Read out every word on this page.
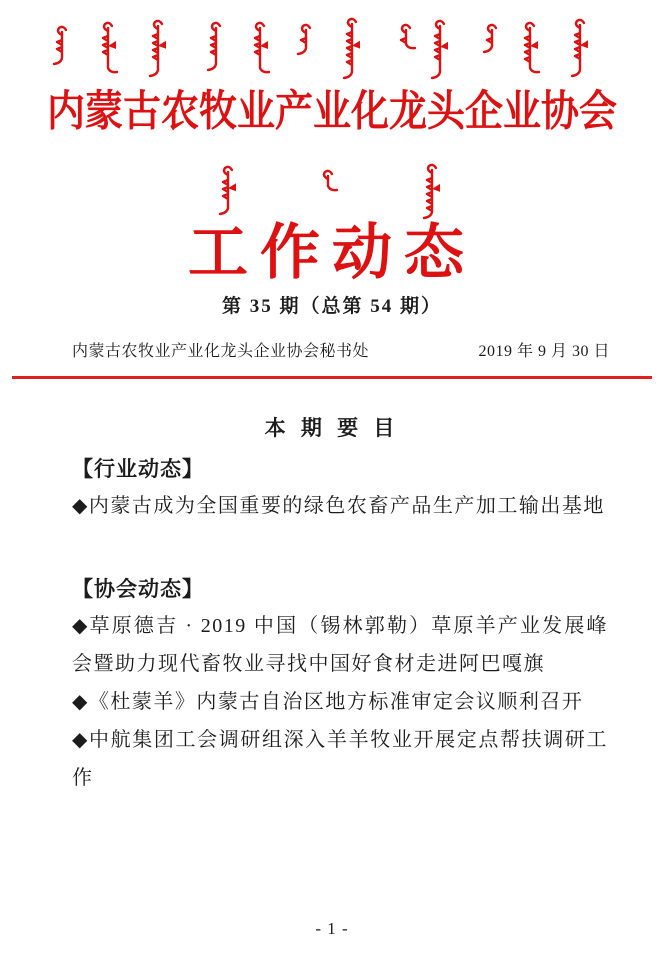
内蒙古农牧业产业化龙头企业协会
工作动态
第 35 期（总第 54 期）
内蒙古农牧业产业化龙头企业协会秘书处	2019 年 9 月 30 日
本 期 要 目
【行业动态】
◆内蒙古成为全国重要的绿色农畜产品生产加工输出基地
【协会动态】
◆草原德吉 · 2019 中国（锡林郭勒）草原羊产业发展峰会暨助力现代畜牧业寻找中国好食材走进阿巴嘎旗
◆《杜蒙羊》内蒙古自治区地方标准审定会议顺利召开
◆中航集团工会调研组深入羊羊牧业开展定点帮扶调研工作
- 1 -
